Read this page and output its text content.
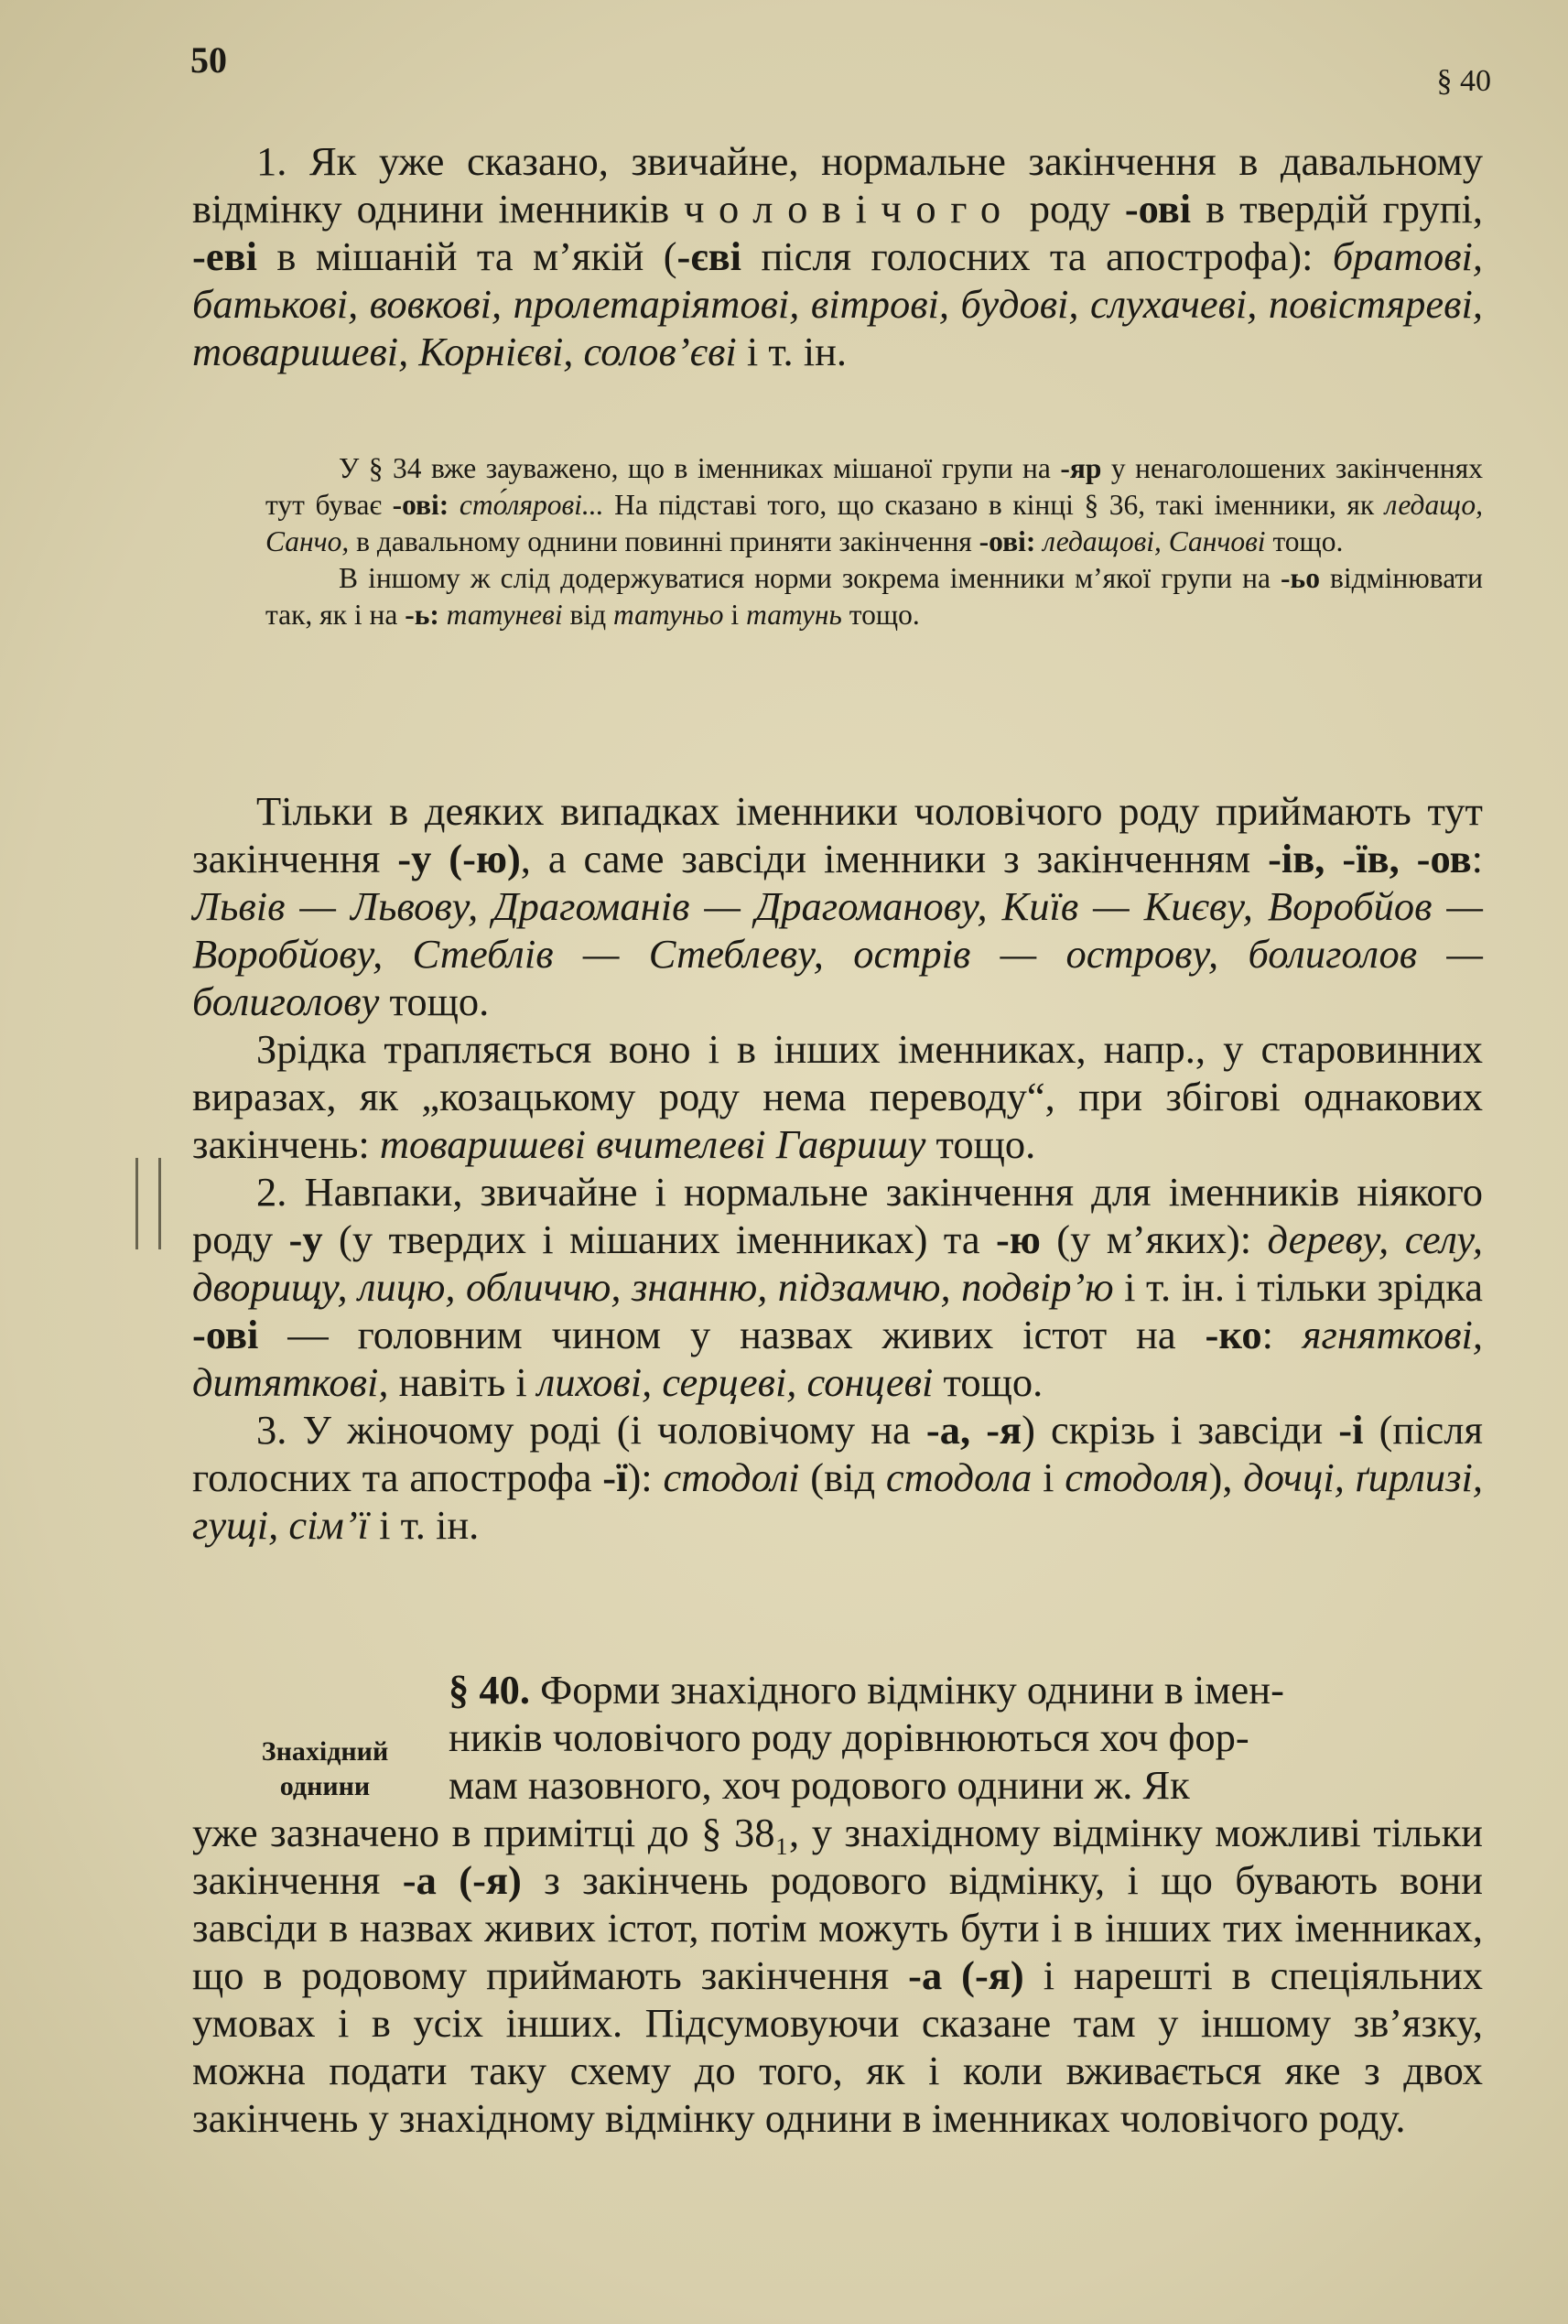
50
§ 40

1. Як уже сказано, звичайне, нормальне закінчення в давальному відмінку однини іменників чоловічого роду -ові в твердій групі, -еві в мішаній та м’якій (-єві після голосних та апострофа): братові, батькові, вовкові, пролетаріятові, вітрові, будові, слухачеві, повістяреві, товаришеві, Корнієві, солов’єві і т. ін.

У § 34 вже зауважено, що в іменниках мішаної групи на -яр у ненаголошених закінченнях тут буває -ові: сто́лярові... На підставі того, що сказано в кінці § 36, такі іменники, як ледащо, Санчо, в давальному однини повинні приняти закінчення -ові: ледащові, Санчові тощо.

В іншому ж слід додержуватися норми зокрема іменники м’якої групи на -ьо відмінювати так, як і на -ь: татуневі від татуньо і татунь тощо.

Тільки в деяких випадках іменники чоловічого роду приймають тут закінчення -у (-ю), а саме завсіди іменники з закінченням -ів, -їв, -ов: Львів — Львову, Драгоманів — Драгоманову, Київ — Києву, Воробйов — Воробйову, Стеблів — Стеблеву, острів — острову, болиголов — болиголову тощо.

Зрідка трапляється воно і в інших іменниках, напр., у старовинних виразах, як „козацькому роду нема переводу“, при збігові однакових закінчень: товаришеві вчителеві Гавришу тощо.

2. Навпаки, звичайне і нормальне закінчення для іменників ніякого роду -у (у твердих і мішаних іменниках) та -ю (у м’яких): дереву, селу, дворищу, лицю, обличчю, знанню, підзамчю, подвір’ю і т. ін. і тільки зрідка -ові — головним чином у назвах живих істот на -ко: ягняткові, дитяткові, навіть і лихові, серцеві, сонцеві тощо.

3. У жіночому роді (і чоловічому на -а, -я) скрізь і завсіди -і (після голосних та апострофа -ї): стодолі (від стодола і стодоля), дочці, ґирлизі, гущі, сім’ї і т. ін.

Знахідний
однини

§ 40. Форми знахідного відмінку однини в імен-
ників чоловічого роду дорівнюються хоч фор-
мам назовного, хоч родового однини ж. Як
уже зазначено в примітці до § 38₁, у знахідному відмінку можливі тільки закінчення -а (-я) з закінчень родового відмінку, і що бувають вони завсіди в назвах живих істот, потім можуть бути і в інших тих іменниках, що в родовому приймають закінчення -а (-я) і нарешті в спеціяльних умовах і в усіх інших. Підсумовуючи сказане там у іншому зв’язку, можна подати таку схему до того, як і коли вживається яке з двох закінчень у знахідному відмінку однини в іменниках чоловічого роду.
